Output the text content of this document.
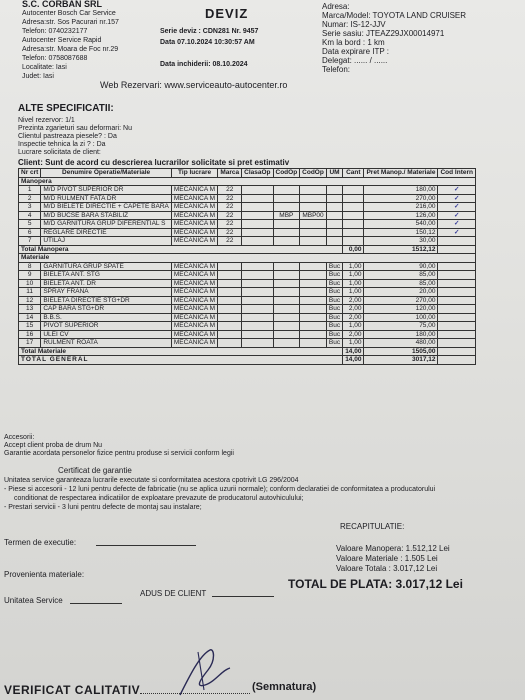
S.C. CORBAN SRL
Autocenter Bosch Car Service
Adresa:str. Sos Pacurari nr.157
Telefon: 0740232177
Autocenter Service Rapid
Adresa:str. Moara de Foc nr.29
Telefon: 0758087688
Localitate: Iasi
Judet: Iasi
DEVIZ
Serie deviz : CDN281 Nr. 9457
Data 07.10.2024 10:30:57 AM
Data inchiderii: 08.10.2024
Web Rezervari: www.serviceauto-autocenter.ro
Adresa:
Marca/Model: TOYOTA LAND CRUISER
Numar: IS-12-JJV
Serie sasiu: JTEAZ29JX00014971
Km la bord : 1 km
Data expirare ITP :
Delegat: ...... / ......
Telefon:
ALTE SPECIFICATII:
Nivel rezervor: 1/1
Prezinta zgarieturi sau deformari: Nu
Clientul pastreaza piesele? : Da
Inspectie tehnica la zi ? : Da
Lucrare solicitata de client:
Client: Sunt de acord cu descrierea lucrarilor solicitate si pret estimativ
Nr crt	Denumire Operatie/Materiale	Tip lucrare	Marca	ClasaOp	CodOp	CodOp	UM	Cant	Pret Manop./ Materiale	Cod Intern
Manopera										
1	M/D PIVOT SUPERIOR DR	MECANICA M	22						180,00	✓
2	M/D RULMENT FATA DR	MECANICA M	22						270,00	✓
3	M/D BIELETE DIRECTIE + CAPETE BARA	MECANICA M	22						216,00	✓
4	M/D BUCSE BARA STABILIZ	MECANICA M	22		MBP	MBP00			126,00	✓
5	M/D GARNITURA GRUP DIFERENTIAL S	MECANICA M	22						540,00	✓
6	REGLARE DIRECTIE	MECANICA M	22						150,12	✓
7	UTILAJ	MECANICA M	22						30,00	
Total Manopera								0,00	1512,12	
Materiale										
8	GARNITURA GRUP SPATE	MECANICA M					Buc	1,00	90,00	
9	BIELETA ANT. STG	MECANICA M					Buc	1,00	85,00	
10	BIELETA ANT. DR	MECANICA M					Buc	1,00	85,00	
11	SPRAY FRANA	MECANICA M					Buc	1,00	20,00	
12	BIELETA DIRECTIE STG+DR	MECANICA M					Buc	2,00	270,00	
13	CAP BARA STG+DR	MECANICA M					Buc	2,00	120,00	
14	B.B.S.	MECANICA M					Buc	2,00	100,00	
15	PIVOT SUPERIOR	MECANICA M					Buc	1,00	75,00	
16	ULEI CV	MECANICA M					Buc	2,00	180,00	
17	RULMENT ROATA	MECANICA M					Buc	1,00	480,00	
Total Materiale								14,00	1505,00	
TOTAL GENERAL								14,00	3017,12	
Accesorii:
Accept client proba de drum Nu
Garantie acordata personelor fizice pentru produse si servicii conform legii
Certificat de garantie
Unitatea service garanteaza lucrarile executate si conformitatea acestora cpotrivit LG 296/2004
- Piese si accesorii - 12 luni pentru defecte de fabricatie (nu se aplica uzurii normale); conform declaratiei de conformitatea a producatorului
conditionat de respectarea indicatiilor de exploatare prevazute de producatorul autovhiculului;
- Prestari servicii - 3 luni pentru defecte de montaj sau instalare;
Termen de executie:
RECAPITULATIE:
Provenienta materiale:
Valoare Manopera: 1.512,12 Lei
Valoare Materiale : 1.505 Lei
Valoare Totala : 3.017,12 Lei
Unitatea Service
ADUS DE CLIENT
TOTAL DE PLATA: 3.017,12 Lei
VERIFICAT CALITATIV	(Semnatura)
